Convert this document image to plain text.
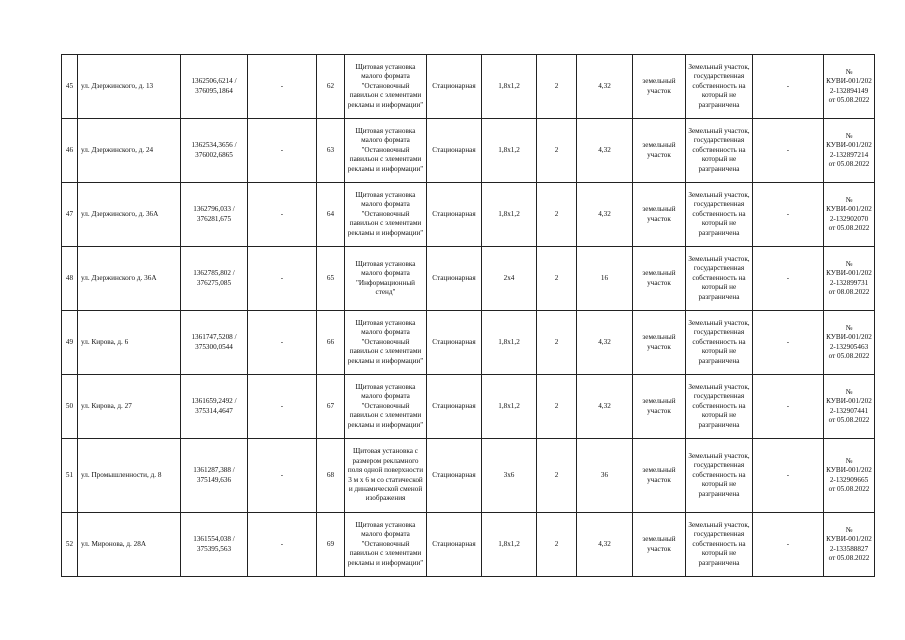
45	ул. Дзержинского, д. 13	1362506,6214 / 376095,1864	-	62	Щитовая установка малого формата "Остановочный павильон с элементами рекламы и информации"	Стационарная	1,8х1,2	2	4,32	земельный участок	Земельный участок, государственная собственность на который не разграничена	-	№ КУВИ-001/2022-132894149 от 05.08.2022
46	ул. Дзержинского, д. 24	1362534,3656 / 376002,6865	-	63	Щитовая установка малого формата "Остановочный павильон с элементами рекламы и информации"	Стационарная	1,8х1,2	2	4,32	земельный участок	Земельный участок, государственная собственность на который не разграничена	-	№ КУВИ-001/2022-132897214 от 05.08.2022
47	ул. Дзержинского, д. 36А	1362796,033 / 376281,675	-	64	Щитовая установка малого формата "Остановочный павильон с элементами рекламы и информации"	Стационарная	1,8х1,2	2	4,32	земельный участок	Земельный участок, государственная собственность на который не разграничена	-	№ КУВИ-001/2022-132902070 от 05.08.2022
48	ул. Дзержинского д. 36А	1362785,802 / 376275,085	-	65	Щитовая установка малого формата "Информационный стенд"	Стационарная	2х4	2	16	земельный участок	Земельный участок, государственная собственность на который не разграничена	-	№ КУВИ-001/2022-132899731 от 08.08.2022
49	ул. Кирова, д. 6	1361747,5208 / 375300,0544	-	66	Щитовая установка малого формата "Остановочный павильон с элементами рекламы и информации"	Стационарная	1,8х1,2	2	4,32	земельный участок	Земельный участок, государственная собственность на который не разграничена	-	№ КУВИ-001/2022-132905463 от 05.08.2022
50	ул. Кирова, д. 27	1361659,2492 / 375314,4647	-	67	Щитовая установка малого формата "Остановочный павильон с элементами рекламы и информации"	Стационарная	1,8х1,2	2	4,32	земельный участок	Земельный участок, государственная собственность на который не разграничена	-	№ КУВИ-001/2022-132907441 от 05.08.2022
51	ул. Промышленности, д. 8	1361287,388 / 375149,636	-	68	Щитовая установка с размером рекламного поля одной поверхности 3 м х 6 м со статической и динамической сменой изображения	Стационарная	3х6	2	36	земельный участок	Земельный участок, государственная собственность на который не разграничена	-	№ КУВИ-001/2022-132909665 от 05.08.2022
52	ул. Миронова, д. 28А	1361554,038 / 375395,563	-	69	Щитовая установка малого формата "Остановочный павильон с элементами рекламы и информации"	Стационарная	1,8х1,2	2	4,32	земельный участок	Земельный участок, государственная собственность на который не разграничена	-	№ КУВИ-001/2022-133588827 от 05.08.2022
